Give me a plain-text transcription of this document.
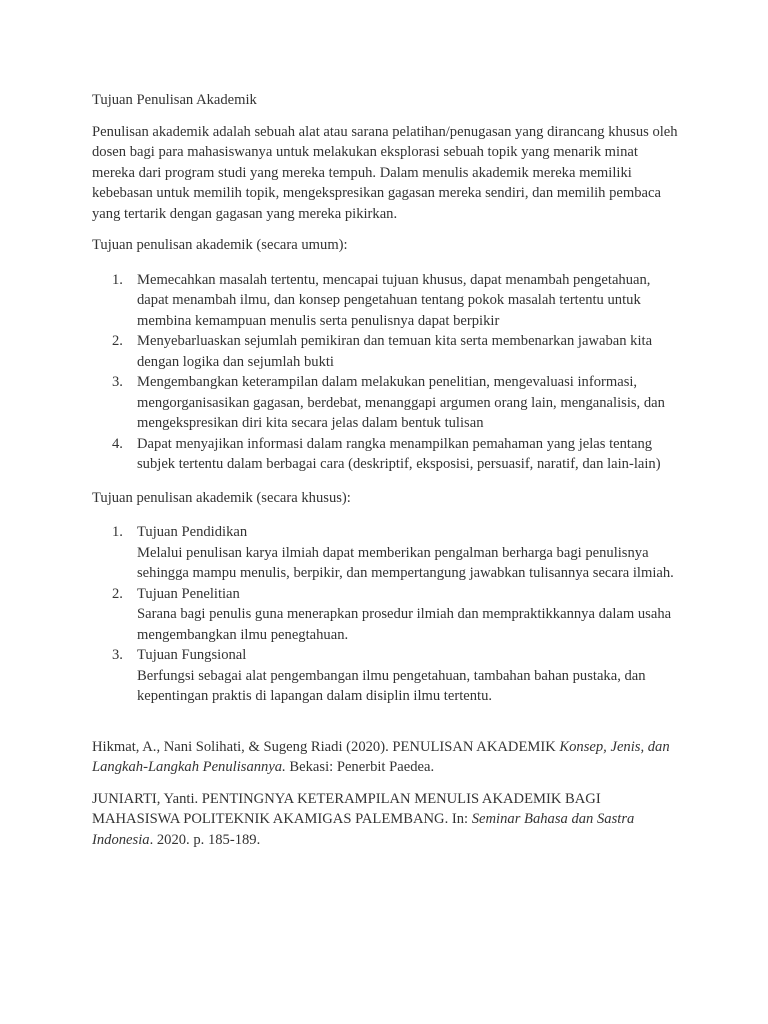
Tujuan Penulisan Akademik
Penulisan akademik adalah sebuah alat atau sarana pelatihan/penugasan yang dirancang khusus oleh dosen bagi para mahasiswanya untuk melakukan eksplorasi sebuah topik yang menarik minat mereka dari program studi yang mereka tempuh. Dalam menulis akademik mereka memiliki kebebasan untuk memilih topik, mengekspresikan gagasan mereka sendiri, dan memilih pembaca yang tertarik dengan gagasan yang mereka pikirkan.
Tujuan penulisan akademik (secara umum):
1. Memecahkan masalah tertentu, mencapai tujuan khusus, dapat menambah pengetahuan, dapat menambah ilmu, dan konsep pengetahuan tentang pokok masalah tertentu untuk membina kemampuan menulis serta penulisnya dapat berpikir
2. Menyebarluaskan sejumlah pemikiran dan temuan kita serta membenarkan jawaban kita dengan logika dan sejumlah bukti
3. Mengembangkan keterampilan dalam melakukan penelitian, mengevaluasi informasi, mengorganisasikan gagasan, berdebat, menanggapi argumen orang lain, menganalisis, dan mengekspresikan diri kita secara jelas dalam bentuk tulisan
4. Dapat menyajikan informasi dalam rangka menampilkan pemahaman yang jelas tentang subjek tertentu dalam berbagai cara (deskriptif, eksposisi, persuasif, naratif, dan lain-lain)
Tujuan penulisan akademik (secara khusus):
1. Tujuan Pendidikan
Melalui penulisan karya ilmiah dapat memberikan pengalman berharga bagi penulisnya sehingga mampu menulis, berpikir, dan mempertangung jawabkan tulisannya secara ilmiah.
2. Tujuan Penelitian
Sarana bagi penulis guna menerapkan prosedur ilmiah dan mempraktikkannya dalam usaha mengembangkan ilmu penegtahuan.
3. Tujuan Fungsional
Berfungsi sebagai alat pengembangan ilmu pengetahuan, tambahan bahan pustaka, dan kepentingan praktis di lapangan dalam disiplin ilmu tertentu.
Hikmat, A., Nani Solihati, & Sugeng Riadi (2020). PENULISAN AKADEMIK Konsep, Jenis, dan Langkah-Langkah Penulisannya. Bekasi: Penerbit Paedea.
JUNIARTI, Yanti. PENTINGNYA KETERAMPILAN MENULIS AKADEMIK BAGI MAHASISWA POLITEKNIK AKAMIGAS PALEMBANG. In: Seminar Bahasa dan Sastra Indonesia. 2020. p. 185-189.
